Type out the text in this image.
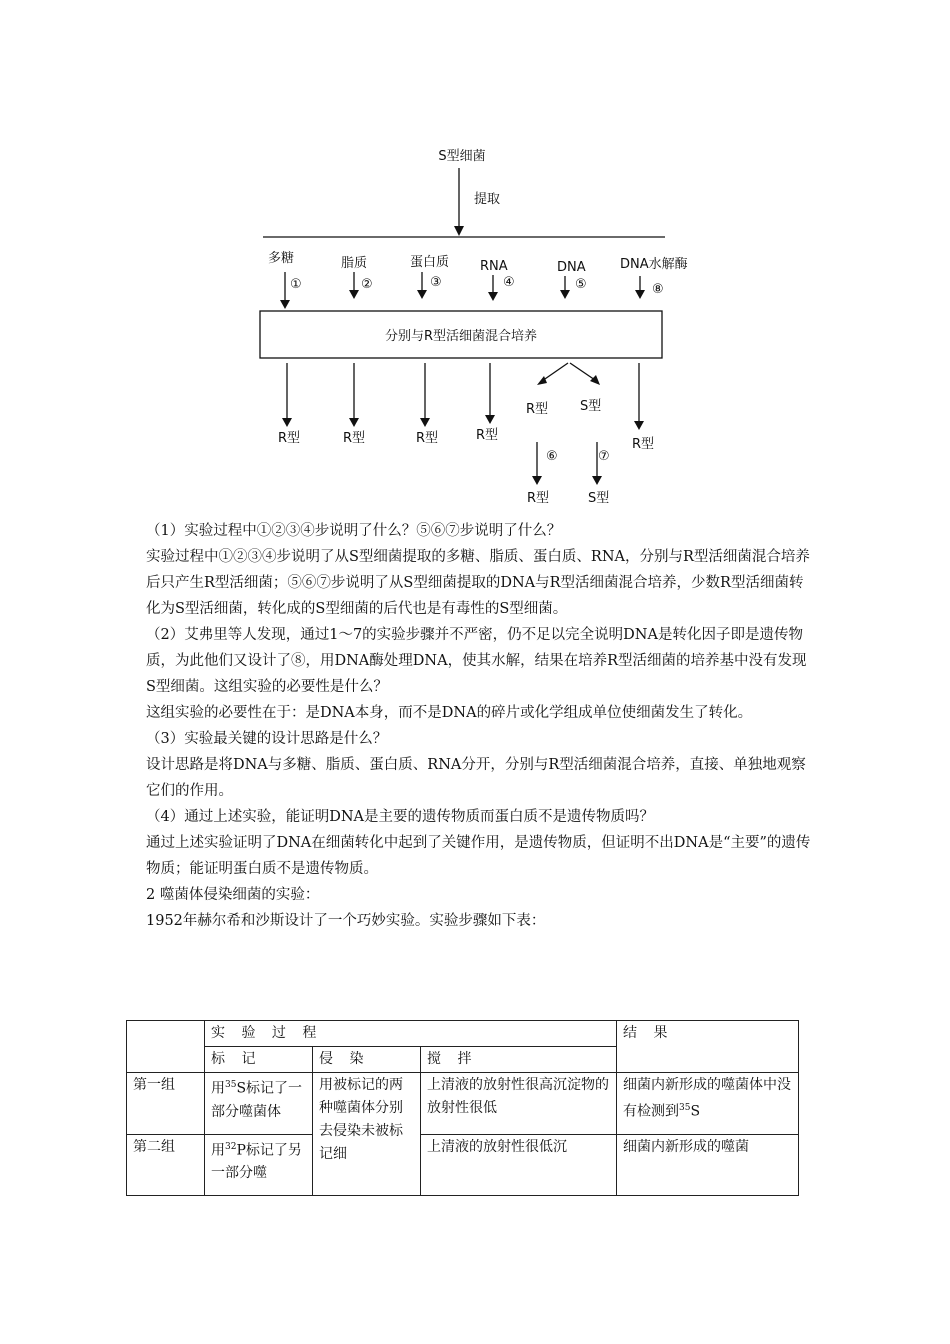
S型细菌
提取
多糖	脂质	蛋白质 RNA	DNA	DNA水解酶
①	②	③	④	⑤	⑧
分别与R型活细菌混合培养
R型	R型	R型	R型
R型 S型
R型
⑥	⑦
R型	S型

（1）实验过程中①②③④步说明了什么？⑤⑥⑦步说明了什么？

实验过程中①②③④步说明了从S型细菌提取的多糖、脂质、蛋白质、RNA，分别与R型活细菌混合培养后只产生R型活细菌；⑤⑥⑦步说明了从S型细菌提取的DNA与R型活细菌混合培养，少数R型活细菌转化为S型活细菌，转化成的S型细菌的后代也是有毒性的S型细菌。

（2）艾弗里等人发现，通过1～7的实验步骤并不严密，仍不足以完全说明DNA是转化因子即是遗传物质，为此他们又设计了⑧，用DNA酶处理DNA，使其水解，结果在培养R型活细菌的培养基中没有发现S型细菌。这组实验的必要性是什么？

这组实验的必要性在于：是DNA本身，而不是DNA的碎片或化学组成单位使细菌发生了转化。

（3）实验最关键的设计思路是什么？

设计思路是将DNA与多糖、脂质、蛋白质、RNA分开，分别与R型活细菌混合培养，直接、单独地观察它们的作用。

（4）通过上述实验，能证明DNA是主要的遗传物质而蛋白质不是遗传物质吗？

通过上述实验证明了DNA在细菌转化中起到了关键作用，是遗传物质，但证明不出DNA是“主要”的遗传物质；能证明蛋白质不是遗传物质。

2 噬菌体侵染细菌的实验：

1952年赫尔希和沙斯设计了一个巧妙实验。实验步骤如下表：

	实 验 过 程			结 果
	标 记	侵 染	搅 拌	
第一组	用$^{35}$S标记了一部分噬菌体	用被标记的两种噬菌体分别去侵染未被标记细	上清液的放射性很高沉淀物的放射性很低	细菌内新形成的噬菌体中没有检测到$^{35}$S
第二组	用$^{32}$P标记了另一部分噬		上清液的放射性很低沉	细菌内新形成的噬菌
